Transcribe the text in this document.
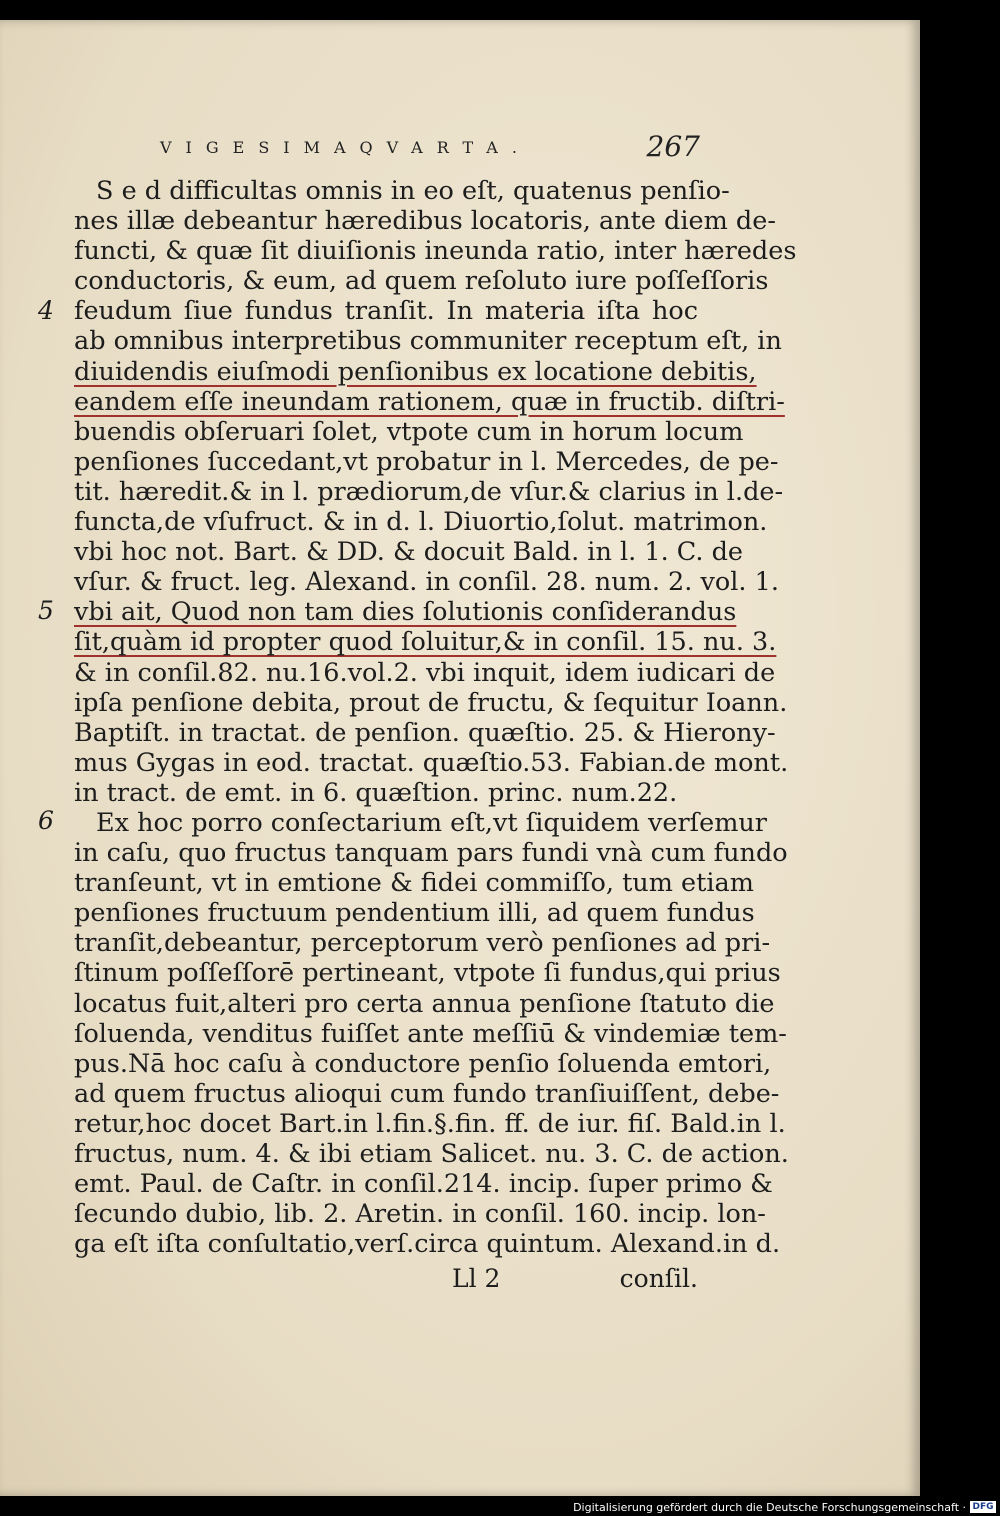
VIGESIMAQVARTA.	267
4
5
6
S e d difficultas omnis in eo eſt, quatenus penſio-
nes illæ debeantur hæredibus locatoris, ante diem de-
functi, & quæ ſit diuiſionis ineunda ratio, inter hæredes
conductoris, & eum, ad quem reſoluto iure poſſeſſoris
feudum ſiue fundus tranſit. In materia iſta hoc
ab omnibus interpretibus communiter receptum eſt, in
diuidendis eiuſmodi penſionibus ex locatione debitis,
eandem eſſe ineundam rationem, quæ in fructib. diſtri-
buendis obſeruari ſolet, vtpote cum in horum locum
penſiones ſuccedant,vt probatur in l. Mercedes, de pe-
tit. hæredit.& in l. prædiorum,de vſur.& clarius in l.de-
functa,de vſufruct. & in d. l. Diuortio,ſolut. matrimon.
vbi hoc not. Bart. & DD. & docuit Bald. in l. 1. C. de
vſur. & fruct. leg. Alexand. in conſil. 28. num. 2. vol. 1.
vbi ait, Quod non tam dies ſolutionis conſiderandus
ſit,quàm id propter quod ſoluitur,& in conſil. 15. nu. 3.
& in conſil.82. nu.16.vol.2. vbi inquit, idem iudicari de
ipſa penſione debita, prout de fructu, & ſequitur Ioann.
Baptiſt. in tractat. de penſion. quæſtio. 25. & Hierony-
mus Gygas in eod. tractat. quæſtio.53. Fabian.de mont.
in tract. de emt. in 6. quæſtion. princ. num.22.
Ex hoc porro conſectarium eſt,vt ſiquidem verſemur
in caſu, quo fructus tanquam pars fundi vnà cum fundo
tranſeunt, vt in emtione & fidei commiſſo, tum etiam
penſiones fructuum pendentium illi, ad quem fundus
tranſit,debeantur, perceptorum verò penſiones ad pri-
ſtinum poſſeſſorē pertineant, vtpote ſi fundus,qui prius
locatus fuit,alteri pro certa annua penſione ſtatuto die
ſoluenda, venditus fuiſſet ante meſſiū & vindemiæ tem-
pus.Nā hoc caſu à conductore penſio ſoluenda emtori,
ad quem fructus alioqui cum fundo tranſiuiſſent, debe-
retur,hoc docet Bart.in l.fin.§.fin. ff. de iur. fiſ. Bald.in l.
fructus, num. 4. & ibi etiam Salicet. nu. 3. C. de action.
emt. Paul. de Caſtr. in conſil.214. incip. ſuper primo &
ſecundo dubio, lib. 2. Aretin. in conſil. 160. incip. lon-
ga eſt iſta conſultatio,verſ.circa quintum. Alexand.in d.
Ll 2	conſil.
Digitalisierung gefördert durch die Deutsche Forschungsgemeinschaft · DFG
